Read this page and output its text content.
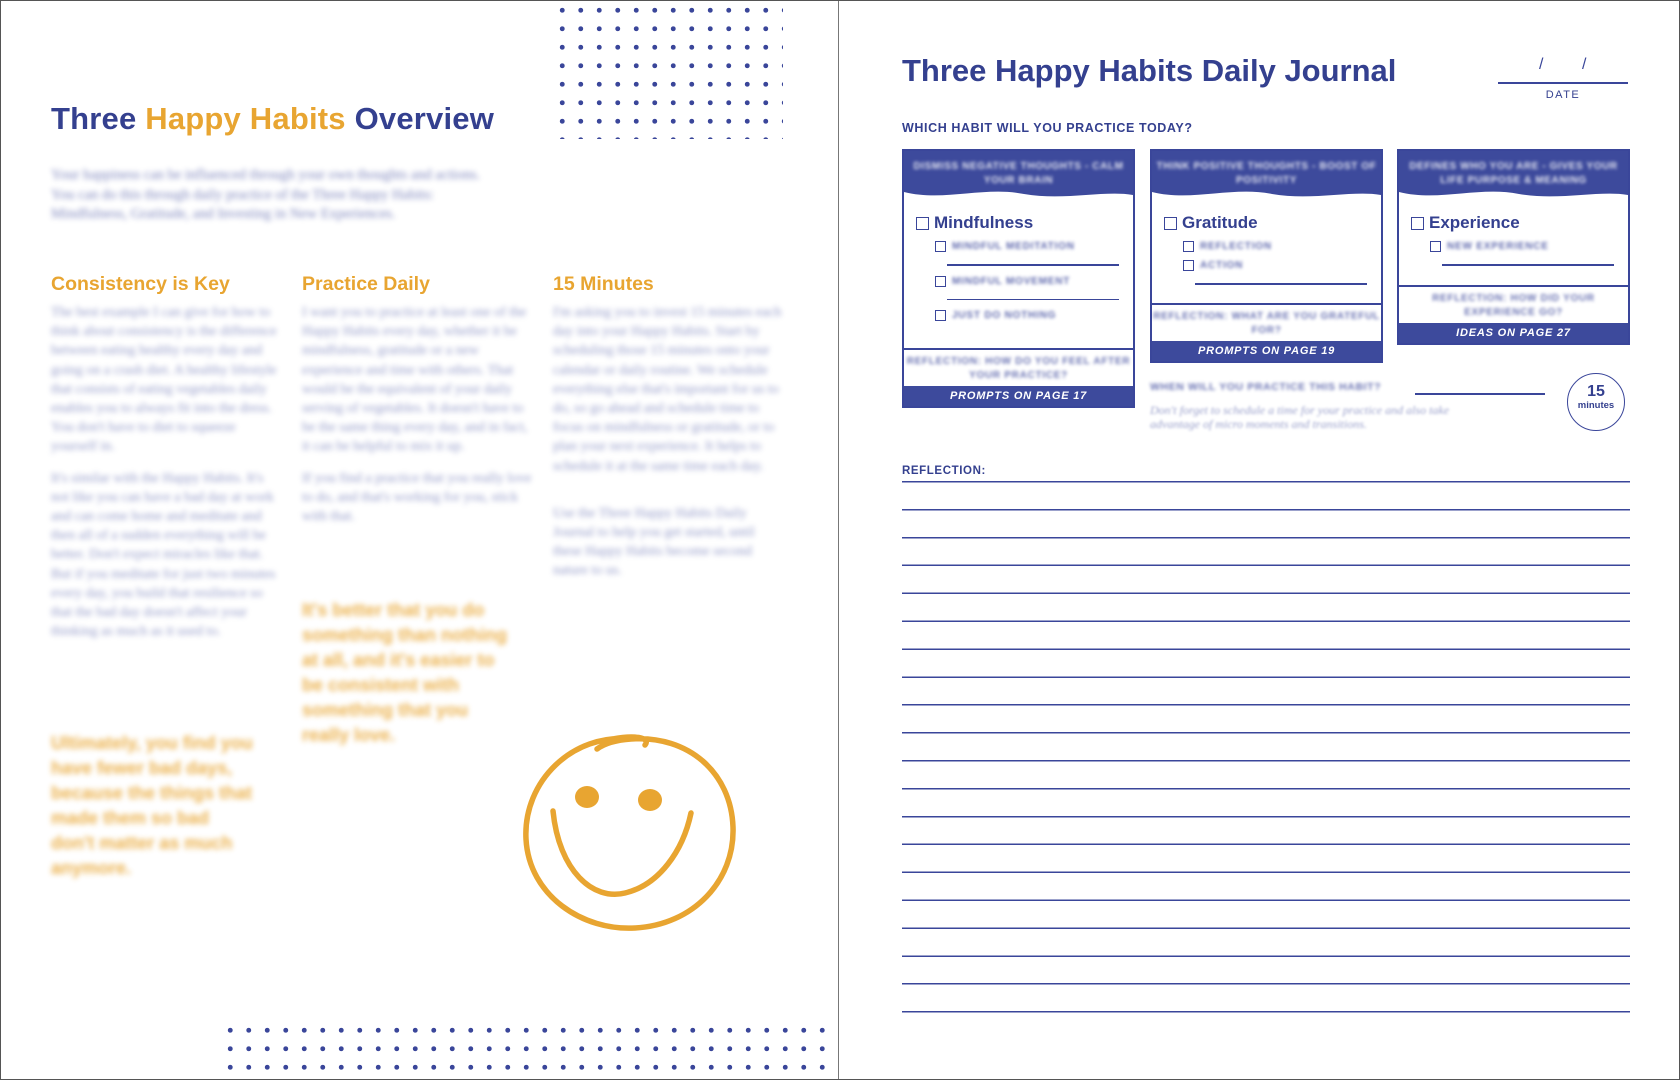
Three Happy Habits Overview

Your happiness can be influenced through your own thoughts and actions. You can do this through daily practice of the Three Happy Habits: Mindfulness, Gratitude, and Investing in New Experiences.

Consistency is Key

The best example I can give for how to think about consistency is the difference between eating healthy every day and going on a crash diet. A healthy lifestyle that consists of eating vegetables daily enables you to always fit into the dress. You don't have to diet to squeeze yourself in.

It's similar with the Happy Habits. It's not like you can have a bad day at work and can come home and meditate and then all of a sudden everything will be better. Don't expect miracles like that. But if you meditate for just two minutes every day, you build that resilience so that the bad day doesn't affect your thinking as much as it used to.

Ultimately, you find you have fewer bad days, because the things that made them so bad don't matter as much anymore.

Practice Daily

I want you to practice at least one of the Happy Habits every day, whether it be mindfulness, gratitude or a new experience and time with others. That would be the equivalent of your daily serving of vegetables. It doesn't have to be the same thing every day, and in fact, it can be helpful to mix it up.

If you find a practice that you really love to do, and that's working for you, stick with that.

It's better that you do something than nothing at all, and it's easier to be consistent with something that you really love.

15 Minutes

I'm asking you to invest 15 minutes each day into your Happy Habits. Start by scheduling those 15 minutes onto your calendar or daily routine. We schedule everything else that's important for us to do, so go ahead and schedule time to focus on mindfulness or gratitude, or to plan your next experience. It helps to schedule it at the same time each day.

Use the Three Happy Habits Daily Journal to help you get started, until these Happy Habits become second nature to us.

Three Happy Habits Daily Journal	/ /
DATE
WHICH HABIT WILL YOU PRACTICE TODAY?
DISMISS NEGATIVE THOUGHTS - CALM YOUR BRAIN
Mindfulness
MINDFUL MEDITATION
MINDFUL MOVEMENT
JUST DO NOTHING
REFLECTION: HOW DO YOU FEEL AFTER YOUR PRACTICE?
PROMPTS ON PAGE 17
THINK POSITIVE THOUGHTS - BOOST OF POSITIVITY
Gratitude
REFLECTION
ACTION
REFLECTION: WHAT ARE YOU GRATEFUL FOR?
PROMPTS ON PAGE 19
DEFINES WHO YOU ARE - GIVES YOUR LIFE PURPOSE & MEANING
Experience
NEW EXPERIENCE
REFLECTION: HOW DID YOUR EXPERIENCE GO?
IDEAS ON PAGE 27
WHEN WILL YOU PRACTICE THIS HABIT?
Don't forget to schedule a time for your practice and also take advantage of micro moments and transitions.
15
minutes
REFLECTION:
